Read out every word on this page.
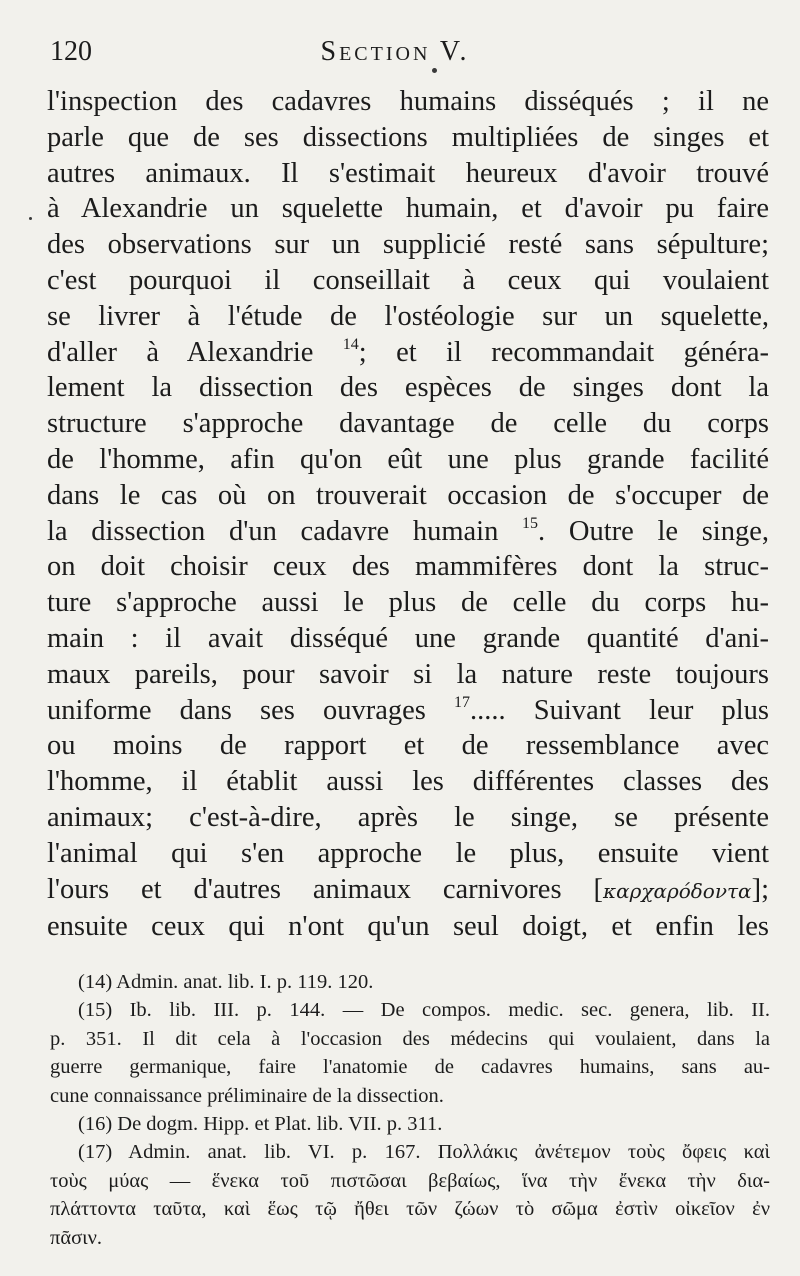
120	Section V.
l'inspection des cadavres humains disséqués ; il ne
parle que de ses dissections multipliées de singes et
autres animaux. Il s'estimait heureux d'avoir trouvé
à Alexandrie un squelette humain, et d'avoir pu faire
des observations sur un supplicié resté sans sépulture;
c'est pourquoi il conseillait à ceux qui voulaient
se livrer à l'étude de l'ostéologie sur un squelette,
d'aller à Alexandrie $^{14}$; et il recommandait généra-
lement la dissection des espèces de singes dont la
structure s'approche davantage de celle du corps
de l'homme, afin qu'on eût une plus grande facilité
dans le cas où on trouverait occasion de s'occuper de
la dissection d'un cadavre humain $^{15}$. Outre le singe,
on doit choisir ceux des mammifères dont la struc-
ture s'approche aussi le plus de celle du corps hu-
main : il avait disséqué une grande quantité d'ani-
maux pareils, pour savoir si la nature reste toujours
uniforme dans ses ouvrages $^{17}$..... Suivant leur plus
ou moins de rapport et de ressemblance avec
l'homme, il établit aussi les différentes classes des
animaux; c'est-à-dire, après le singe, se présente
l'animal qui s'en approche le plus, ensuite vient
l'ours et d'autres animaux carnivores [καρχαρόδοντα];
ensuite ceux qui n'ont qu'un seul doigt, et enfin les
(14) Admin. anat. lib. I. p. 119. 120.
(15) Ib. lib. III. p. 144. — De compos. medic. sec. genera, lib. II.
p. 351. Il dit cela à l'occasion des médecins qui voulaient, dans la
guerre germanique, faire l'anatomie de cadavres humains, sans au-
cune connaissance préliminaire de la dissection.
(16) De dogm. Hipp. et Plat. lib. VII. p. 311.
(17) Admin. anat. lib. VI. p. 167. Πολλάκις ἀνέτεμον τοὺς ὄφεις καὶ
τοὺς μύας — ἕνεκα τοῦ πιστῶσαι βεβαίως, ἵνα τὴν ἔνεκα τὴν δια-
πλάττοντα ταῦτα, καὶ ἕως τῷ ἤθει τῶν ζώων τὸ σῶμα ἐστὶν οἰκεῖον ἐν
πᾶσιν.
